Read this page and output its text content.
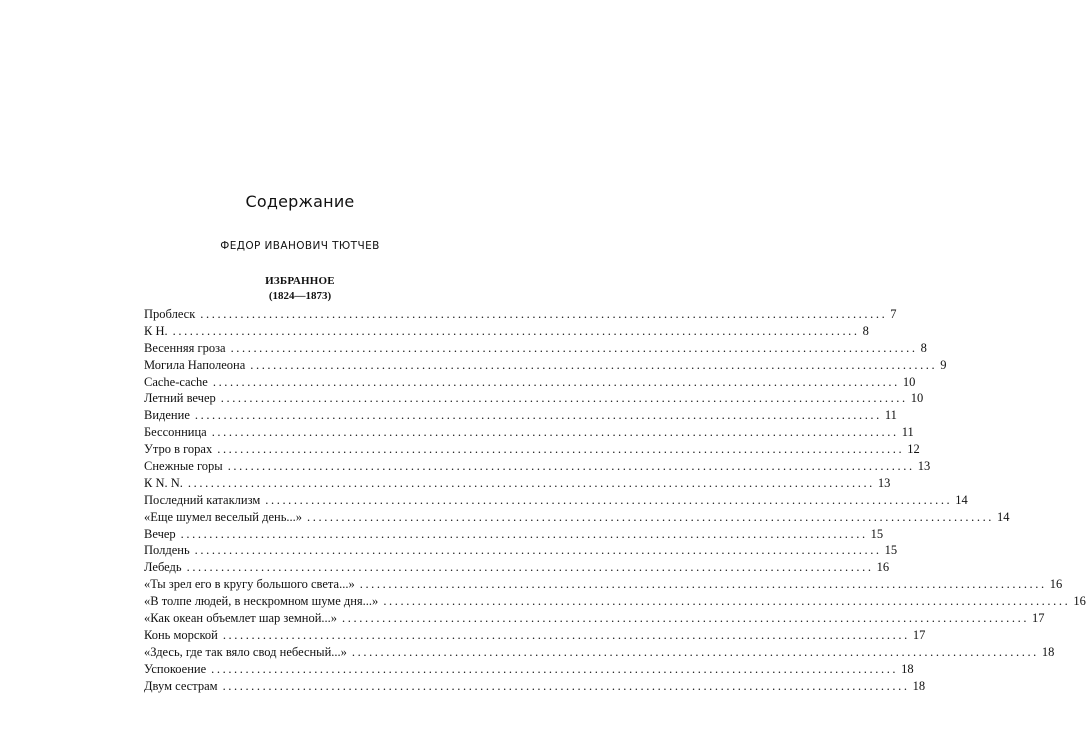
Содержание
ФЕДОР ИВАНОВИЧ ТЮТЧЕВ
ИЗБРАННОЕ
(1824—1873)
Проблеск ........................................................................................................................ 7
К Н. ........................................................................................................................ 8
Весенняя гроза ........................................................................................................................ 8
Могила Наполеона ........................................................................................................................ 9
Cache-cache ........................................................................................................................ 10
Летний вечер ........................................................................................................................ 10
Видение ........................................................................................................................ 11
Бессонница ........................................................................................................................ 11
Утро в горах ........................................................................................................................ 12
Снежные горы ........................................................................................................................ 13
К N. N. ........................................................................................................................ 13
Последний катаклизм ........................................................................................................................ 14
«Еще шумел веселый день...» ........................................................................................................................ 14
Вечер ........................................................................................................................ 15
Полдень ........................................................................................................................ 15
Лебедь ........................................................................................................................ 16
«Ты зрел его в кругу большого света...» ........................................................................................................................ 16
«В толпе людей, в нескромном шуме дня...» ........................................................................................................................ 16
«Как океан объемлет шар земной...» ........................................................................................................................ 17
Конь морской ........................................................................................................................ 17
«Здесь, где так вяло свод небесный...» ........................................................................................................................ 18
Успокоение ........................................................................................................................ 18
Двум сестрам ........................................................................................................................ 18
